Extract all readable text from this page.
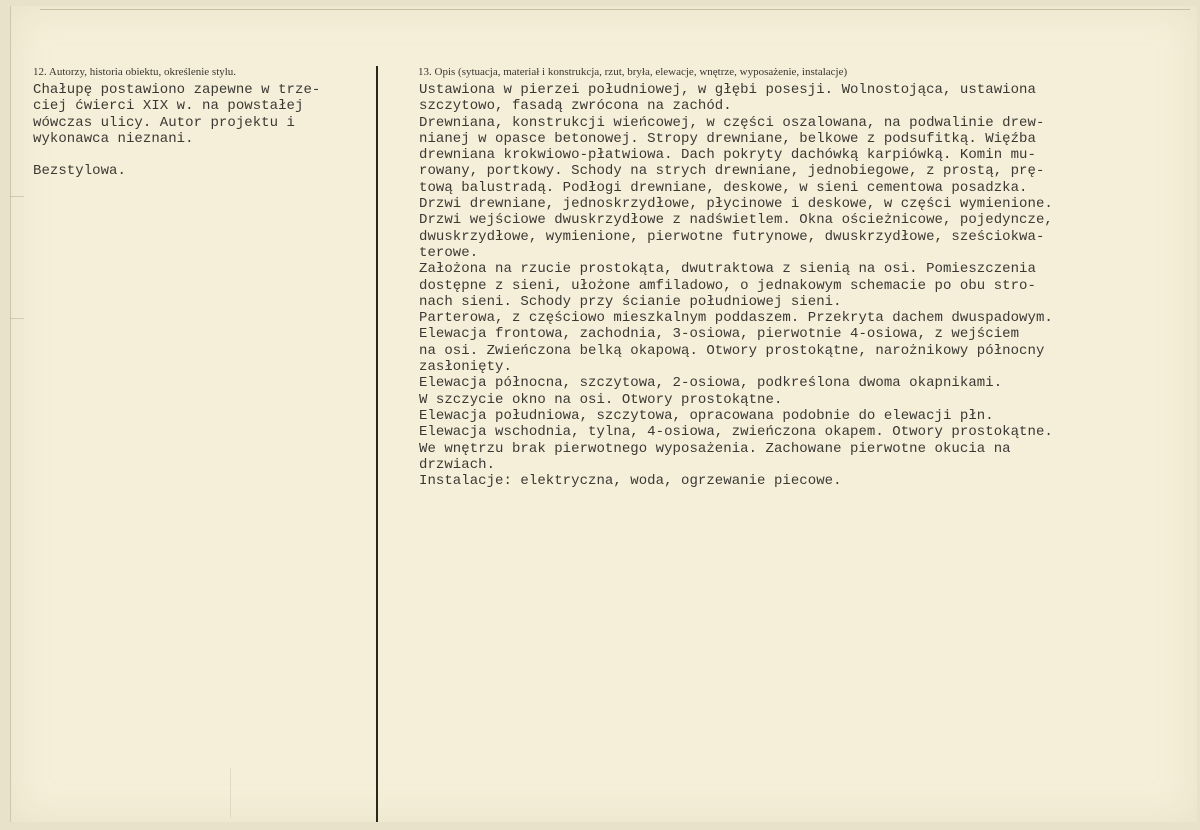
12. Autorzy, historia obiektu, określenie stylu.
Chałupę postawiono zapewne w trze-
ciej ćwierci XIX w. na powstałej
wówczas ulicy. Autor projektu i
wykonawca nieznani.
Bezstylowa.
13. Opis (sytuacja, materiał i konstrukcja, rzut, bryła, elewacje, wnętrze, wyposażenie, instalacje)
Ustawiona w pierzei południowej, w głębi posesji. Wolnostojąca, ustawiona
szczytowo, fasadą zwrócona na zachód.
Drewniana, konstrukcji wieńcowej, w części oszalowana, na podwalinie drew-
nianej w opasce betonowej. Stropy drewniane, belkowe z podsufitką. Więźba
drewniana krokwiowo-płatwiowa. Dach pokryty dachówką karpiówką. Komin mu-
rowany, portkowy. Schody na strych drewniane, jednobiegowe, z prostą, prę-
tową balustradą. Podłogi drewniane, deskowe, w sieni cementowa posadzka.
Drzwi drewniane, jednoskrzydłowe, płycinowe i deskowe, w części wymienione.
Drzwi wejściowe dwuskrzydłowe z nadświetlem. Okna ościeżnicowe, pojedyncze,
dwuskrzydłowe, wymienione, pierwotne futrynowe, dwuskrzydłowe, sześciokwa-
terowe.
Założona na rzucie prostokąta, dwutraktowa z sienią na osi. Pomieszczenia
dostępne z sieni, ułożone amfiladowo, o jednakowym schemacie po obu stro-
nach sieni. Schody przy ścianie południowej sieni.
Parterowa, z częściowo mieszkalnym poddaszem. Przekryta dachem dwuspadowym.
Elewacja frontowa, zachodnia, 3-osiowa, pierwotnie 4-osiowa, z wejściem
na osi. Zwieńczona belką okapową. Otwory prostokątne, narożnikowy północny
zasłonięty.
Elewacja północna, szczytowa, 2-osiowa, podkreślona dwoma okapnikami.
W szczycie okno na osi. Otwory prostokątne.
Elewacja południowa, szczytowa, opracowana podobnie do elewacji płn.
Elewacja wschodnia, tylna, 4-osiowa, zwieńczona okapem. Otwory prostokątne.
We wnętrzu brak pierwotnego wyposażenia. Zachowane pierwotne okucia na
drzwiach.
Instalacje: elektryczna, woda, ogrzewanie piecowe.
